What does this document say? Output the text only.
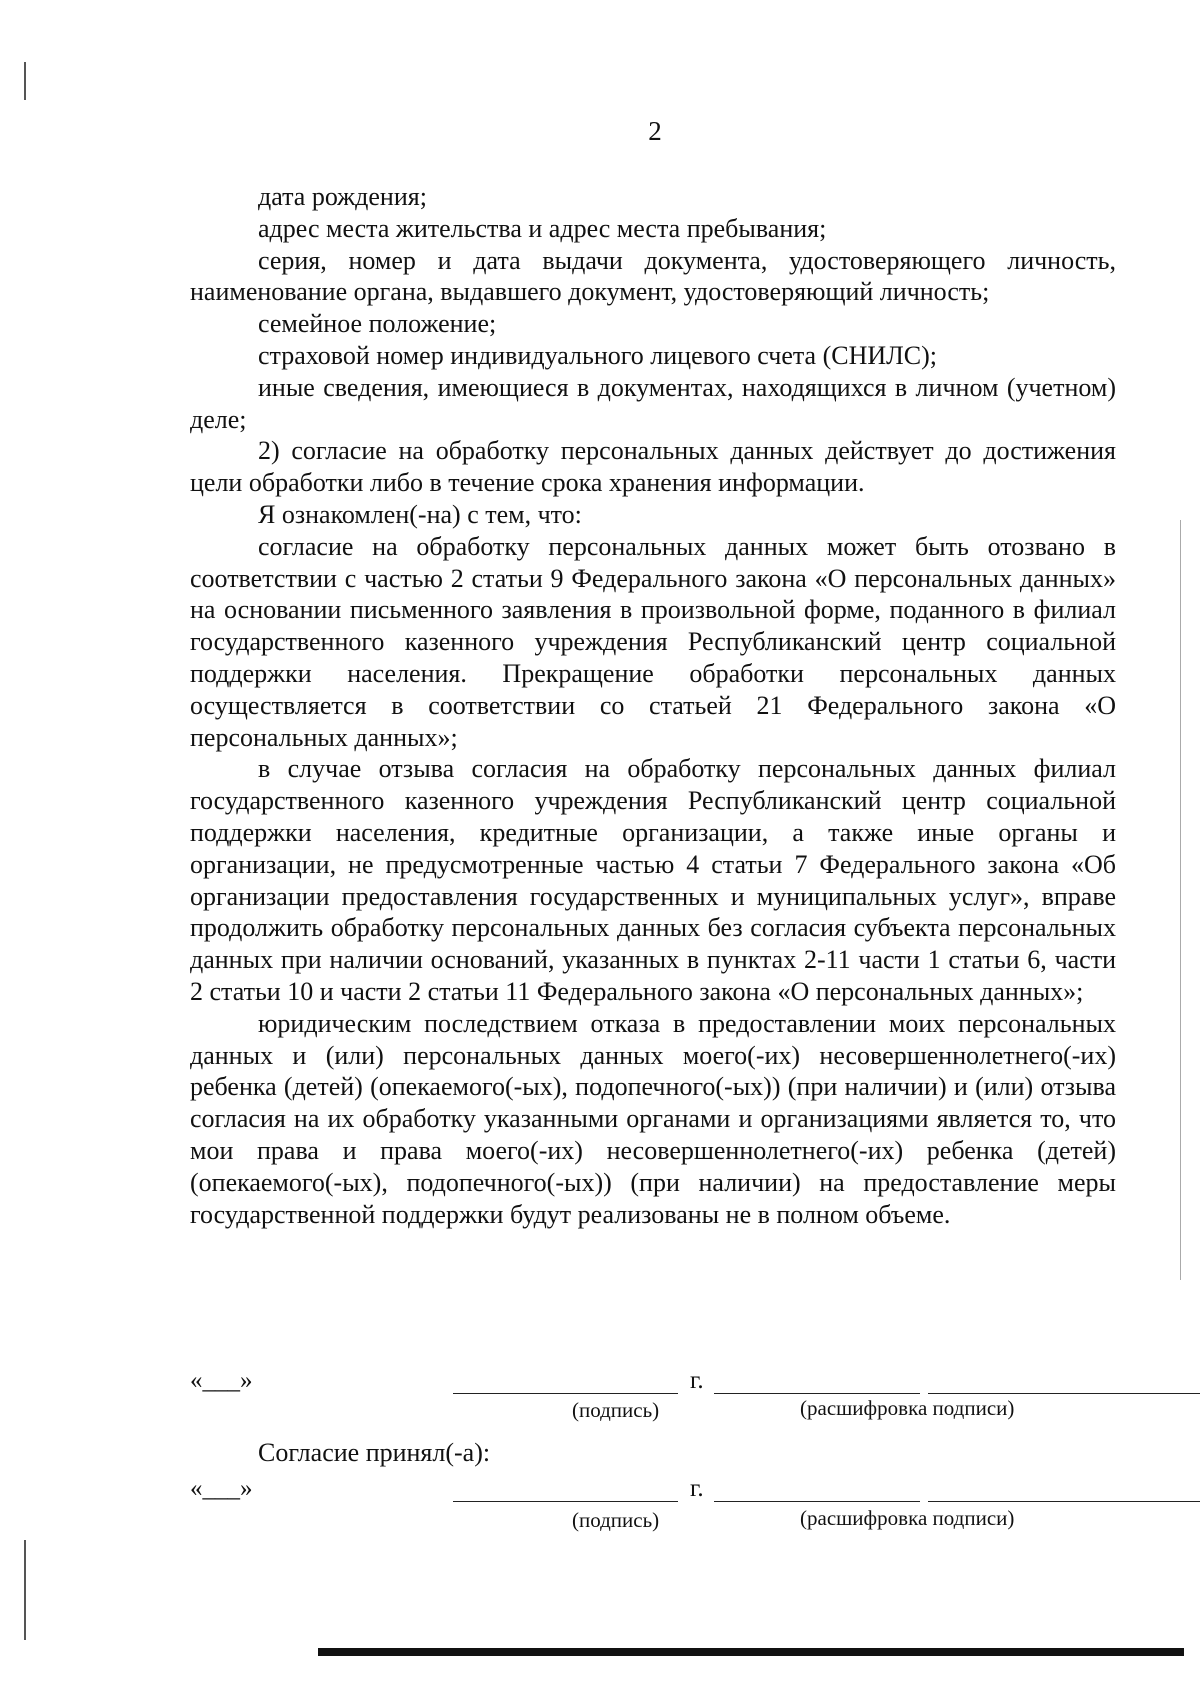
2

дата рождения;

адрес места жительства и адрес места пребывания;

серия, номер и дата выдачи документа, удостоверяющего личность, наименование органа, выдавшего документ, удостоверяющий личность;

семейное положение;

страховой номер индивидуального лицевого счета (СНИЛС);

иные сведения, имеющиеся в документах, находящихся в личном (учетном) деле;

2) согласие на обработку персональных данных действует до достижения цели обработки либо в течение срока хранения информации.

Я ознакомлен(-на) с тем, что:

согласие на обработку персональных данных может быть отозвано в соответствии с частью 2 статьи 9 Федерального закона «О персональных данных» на основании письменного заявления в произвольной форме, поданного в филиал государственного казенного учреждения Республиканский центр социальной поддержки населения. Прекращение обработки персональных данных осуществляется в соответствии со статьей 21 Федерального закона «О персональных данных»;

в случае отзыва согласия на обработку персональных данных филиал государственного казенного учреждения Республиканский центр социальной поддержки населения, кредитные организации, а также иные органы и организации, не предусмотренные частью 4 статьи 7 Федерального закона «Об организации предоставления государственных и муниципальных услуг», вправе продолжить обработку персональных данных без согласия субъекта персональных данных при наличии оснований, указанных в пунктах 2-11 части 1 статьи 6, части 2 статьи 10 и части 2 статьи 11 Федерального закона «О персональных данных»;

юридическим последствием отказа в предоставлении моих персональных данных и (или) персональных данных моего(-их) несовершеннолетнего(-их) ребенка (детей) (опекаемого(-ых), подопечного(-ых)) (при наличии) и (или) отзыва согласия на их обработку указанными органами и организациями является то, что мои права и права моего(-их) несовершеннолетнего(-их) ребенка (детей) (опекаемого(-ых), подопечного(-ых)) (при наличии) на предоставление меры государственной поддержки будут реализованы не в полном объеме.

«___»	г.
(подпись)	(расшифровка подписи)
Согласие принял(-а):
«___»	г.
(подпись)	(расшифровка подписи)
